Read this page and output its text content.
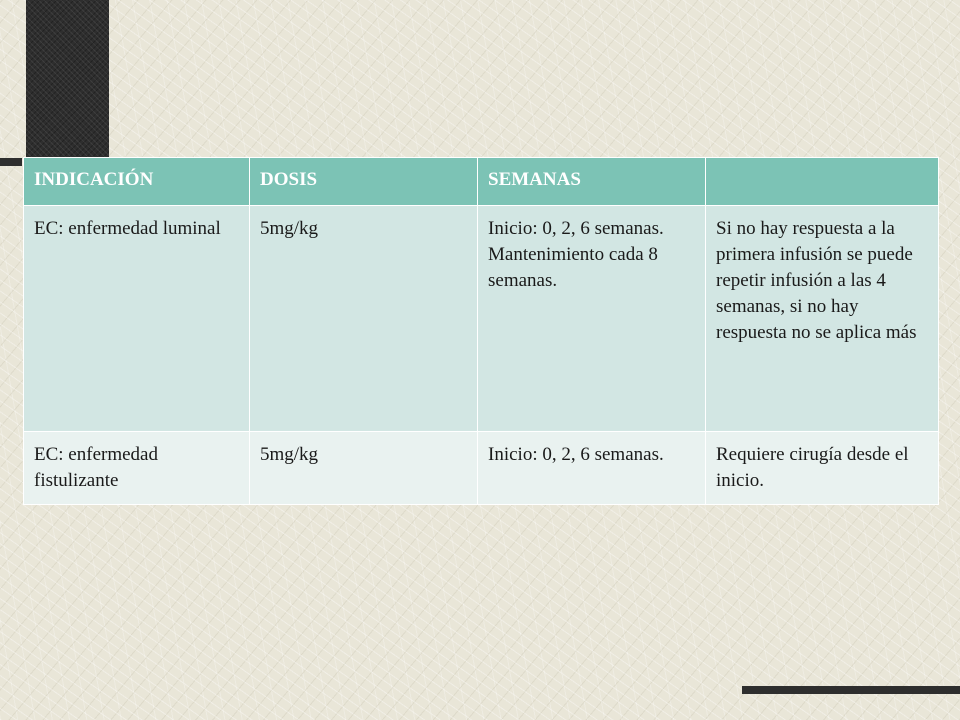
INDICACIÓN	DOSIS	SEMANAS	
EC: enfermedad luminal	5mg/kg	Inicio: 0, 2, 6 semanas. Mantenimiento cada 8 semanas.	Si no hay respuesta a la primera infusión se puede repetir infusión a las 4 semanas, si no hay respuesta no se aplica más
EC: enfermedad fistulizante	5mg/kg	Inicio: 0, 2, 6 semanas.	Requiere cirugía desde el inicio.
